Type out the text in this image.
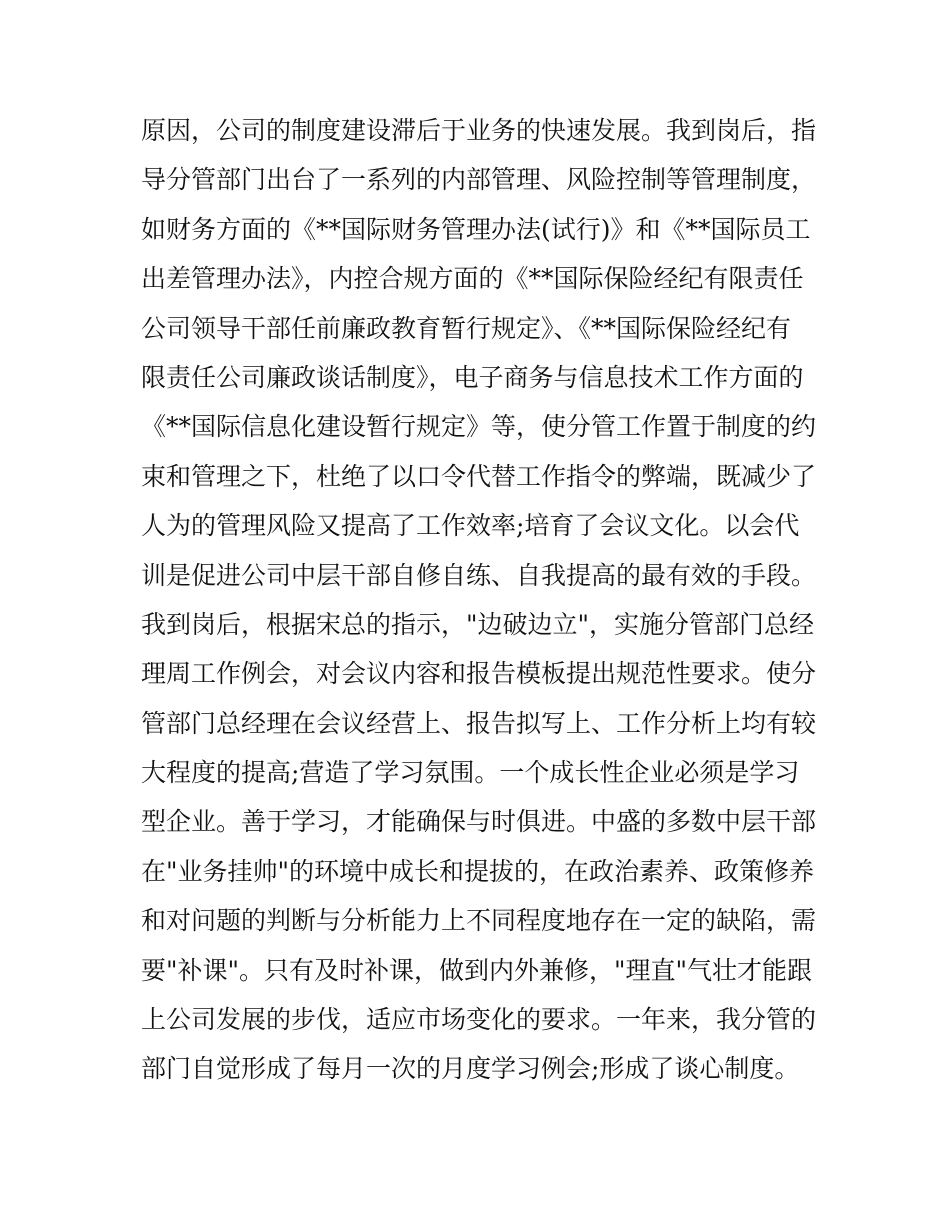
原因，公司的制度建设滞后于业务的快速发展。我到岗后，指
导分管部门出台了一系列的内部管理、风险控制等管理制度，
如财务方面的《**国际财务管理办法(试行)》和《**国际员工
出差管理办法》，内控合规方面的《**国际保险经纪有限责任
公司领导干部任前廉政教育暂行规定》、《**国际保险经纪有
限责任公司廉政谈话制度》，电子商务与信息技术工作方面的
《**国际信息化建设暂行规定》等，使分管工作置于制度的约
束和管理之下，杜绝了以口令代替工作指令的弊端，既减少了
人为的管理风险又提高了工作效率;培育了会议文化。以会代
训是促进公司中层干部自修自练、自我提高的最有效的手段。
我到岗后，根据宋总的指示，"边破边立"，实施分管部门总经
理周工作例会，对会议内容和报告模板提出规范性要求。使分
管部门总经理在会议经营上、报告拟写上、工作分析上均有较
大程度的提高;营造了学习氛围。一个成长性企业必须是学习
型企业。善于学习，才能确保与时俱进。中盛的多数中层干部
在"业务挂帅"的环境中成长和提拔的，在政治素养、政策修养
和对问题的判断与分析能力上不同程度地存在一定的缺陷，需
要"补课"。只有及时补课，做到内外兼修，"理直"气壮才能跟
上公司发展的步伐，适应市场变化的要求。一年来，我分管的
部门自觉形成了每月一次的月度学习例会;形成了谈心制度。
